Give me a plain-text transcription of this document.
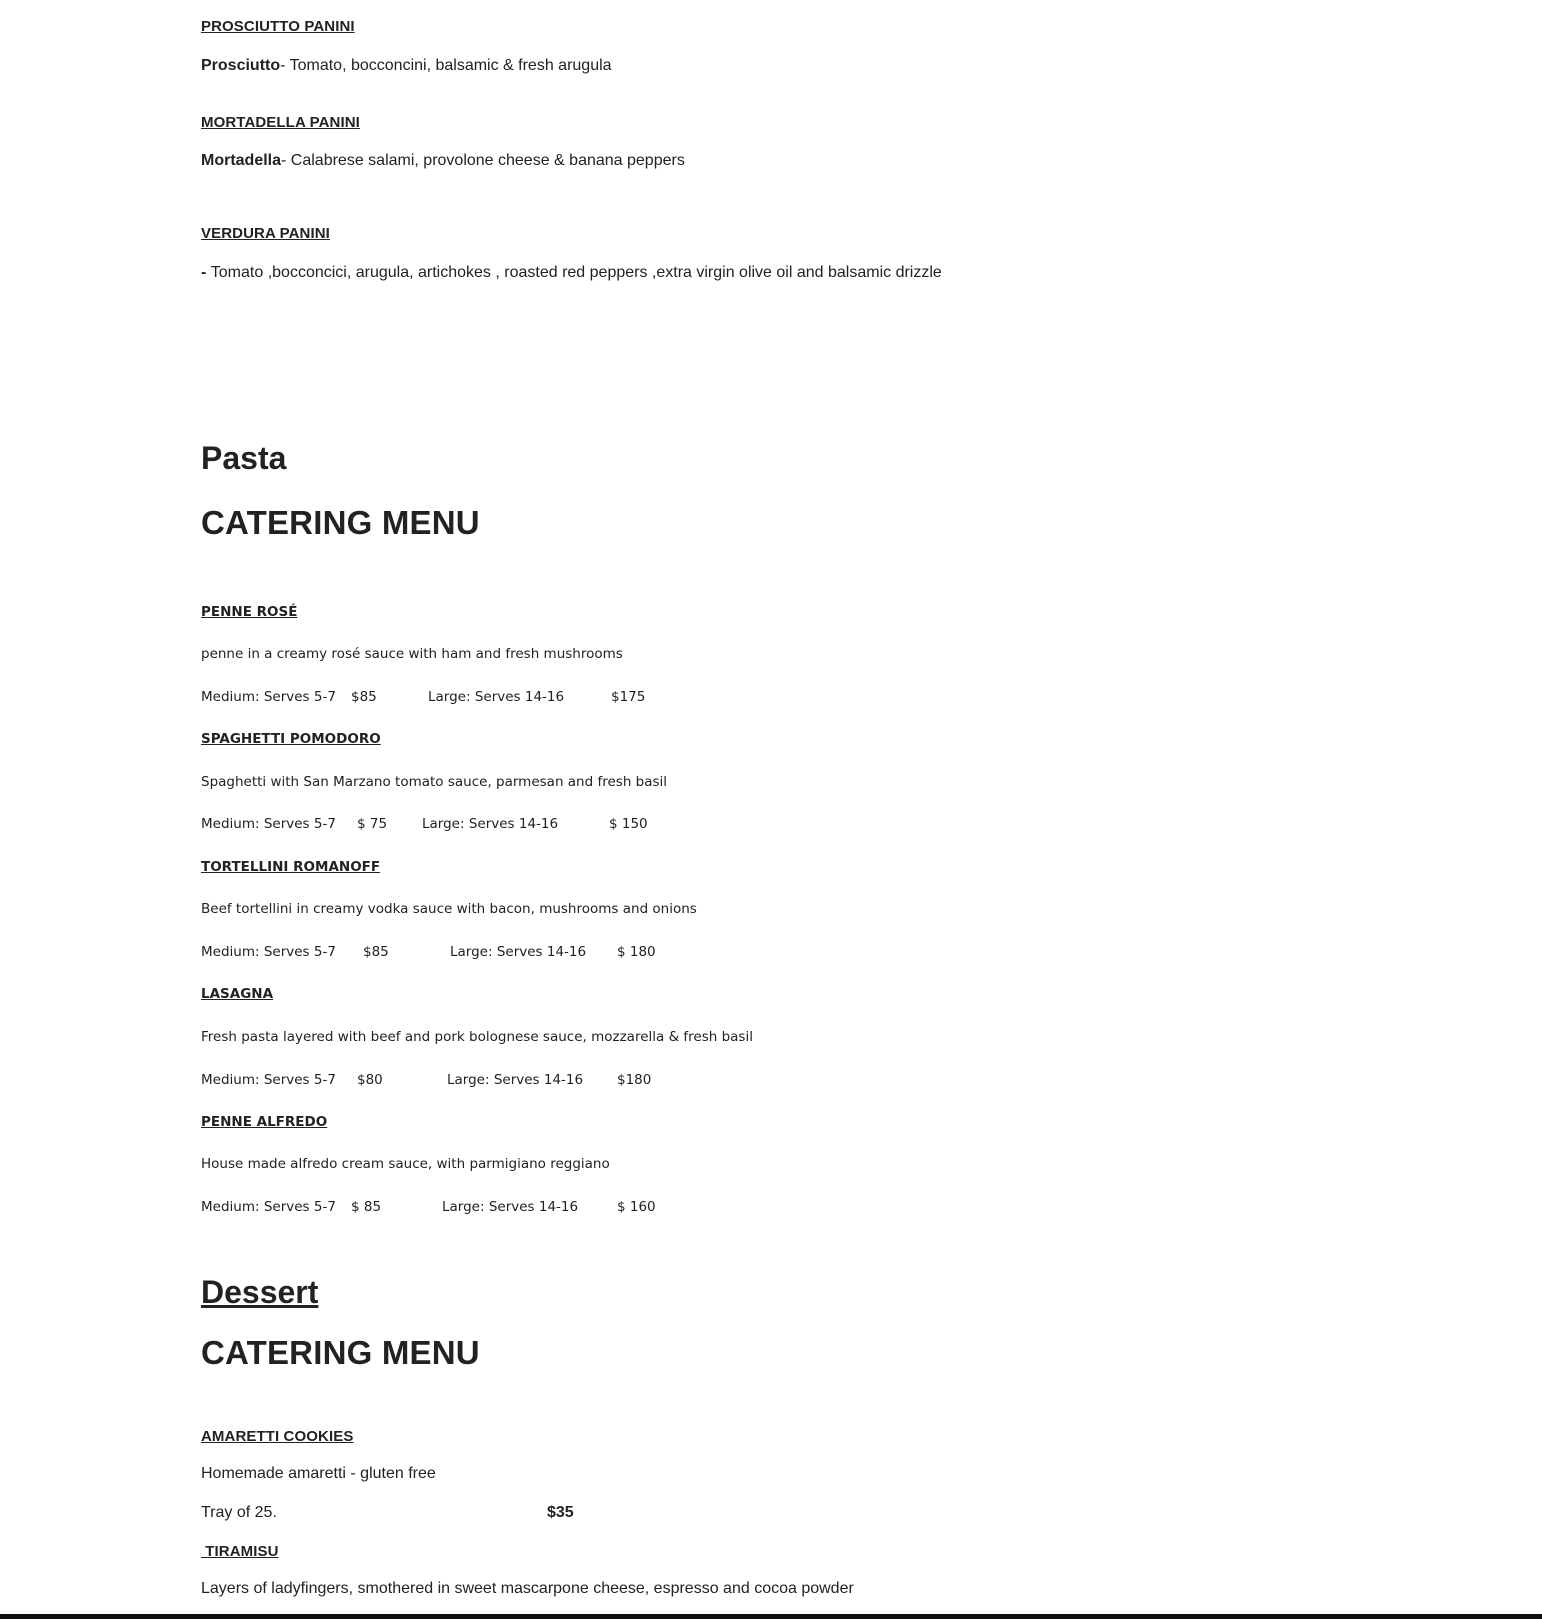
PROSCIUTTO PANINI
Prosciutto- Tomato, bocconcini, balsamic & fresh arugula
MORTADELLA PANINI
Mortadella- Calabrese salami, provolone cheese & banana peppers
VERDURA PANINI
- Tomato ,bocconcici, arugula, artichokes , roasted red peppers ,extra virgin olive oil and balsamic drizzle
Pasta
CATERING MENU
PENNE ROSÉ
penne in a creamy rosé sauce with ham and fresh mushrooms
Medium: Serves 5-7 $85	Large: Serves 14-16	$175
SPAGHETTI POMODORO
Spaghetti with San Marzano tomato sauce, parmesan and fresh basil
Medium: Serves 5-7 $ 75	Large: Serves 14-16	$ 150
TORTELLINI ROMANOFF
Beef tortellini in creamy vodka sauce with bacon, mushrooms and onions
Medium: Serves 5-7 $85	Large: Serves 14-16 $ 180
LASAGNA
Fresh pasta layered with beef and pork bolognese sauce, mozzarella & fresh basil
Medium: Serves 5-7 $80	Large: Serves 14-16	$180
PENNE ALFREDO
House made alfredo cream sauce, with parmigiano reggiano
Medium: Serves 5-7 $ 85	Large: Serves 14-16	$ 160
Dessert
CATERING MENU
AMARETTI COOKIES
Homemade amaretti - gluten free
Tray of 25.	$35
TIRAMISU
Layers of ladyfingers, smothered in sweet mascarpone cheese, espresso and cocoa powder
